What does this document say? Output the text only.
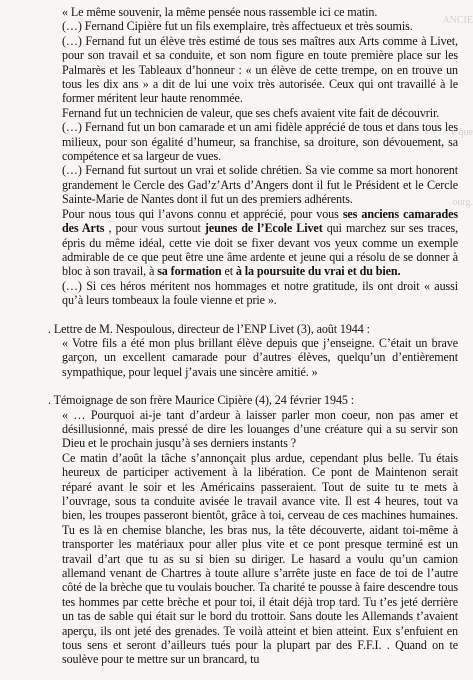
ANCIE
e que
ourg.

« Le même souvenir, la même pensée nous rassemble ici ce matin.

(…) Fernand Cipière fut un fils exemplaire, très affectueux et très soumis.

(…) Fernand fut un élève très estimé de tous ses maîtres aux Arts comme à Livet, pour son travail et sa conduite, et son nom figure en toute première place sur les Palmarès et les Tableaux d’honneur : « un élève de cette trempe, on en trouve un tous les dix ans » a dit de lui une voix très autorisée. Ceux qui ont travaillé à le former méritent leur haute renommée.

Fernand fut un technicien de valeur, que ses chefs avaient vite fait de découvrir.

(…) Fernand fut un bon camarade et un ami fidèle apprécié de tous et dans tous les milieux, pour son égalité d’humeur, sa franchise, sa droiture, son dévouement, sa compétence et sa largeur de vues.

(…) Fernand fut surtout un vrai et solide chrétien. Sa vie comme sa mort honorent grandement le Cercle des Gad’z’Arts d’Angers dont il fut le Président et le Cercle Sainte-Marie de Nantes dont il fut un des premiers adhérents.

Pour nous tous qui l’avons connu et apprécié, pour vous ses anciens camarades des Arts , pour vous surtout jeunes de l’Ecole Livet qui marchez sur ses traces, épris du même idéal, cette vie doit se fixer devant vos yeux comme un exemple admirable de ce que peut être une âme ardente et jeune qui a résolu de se donner à bloc à son travail, à sa formation et à la poursuite du vrai et du bien.

(…) Si ces héros méritent nos hommages et notre gratitude, ils ont droit « aussi qu’à leurs tombeaux la foule vienne et prie ».

. Lettre de M. Nespoulous, directeur de l’ENP Livet (3), août 1944 :

« Votre fils a été mon plus brillant élève depuis que j’enseigne. C’était un brave garçon, un excellent camarade pour d’autres élèves, quelqu’un d’entièrement sympathique, pour lequel j’avais une sincère amitié. »

. Témoignage de son frère Maurice Cipière (4), 24 février 1945 :

« … Pourquoi ai-je tant d’ardeur à laisser parler mon coeur, non pas amer et désillusionné, mais pressé de dire les louanges d’une créature qui a su servir son Dieu et le prochain jusqu’à ses derniers instants ?

Ce matin d’août la tâche s’annonçait plus ardue, cependant plus belle. Tu étais heureux de participer activement à la libération. Ce pont de Maintenon serait réparé avant le soir et les Américains passeraient. Tout de suite tu te mets à l’ouvrage, sous ta conduite avisée le travail avance vite. Il est 4 heures, tout va bien, les troupes passeront bientôt, grâce à toi, cerveau de ces machines humaines. Tu es là en chemise blanche, les bras nus, la tête découverte, aidant toi-même à transporter les matériaux pour aller plus vite et ce pont presque terminé est un travail d’art que tu as su si bien su diriger. Le hasard a voulu qu’un camion allemand venant de Chartres à toute allure s’arrête juste en face de toi de l’autre côté de la brèche que tu voulais boucher. Ta charité te pousse à faire descendre tous tes hommes par cette brèche et pour toi, il était déjà trop tard. Tu t’es jeté derrière un tas de sable qui était sur le bord du trottoir. Sans doute les Allemands t’avaient aperçu, ils ont jeté des grenades. Te voilà atteint et bien atteint. Eux s’enfuient en tous sens et seront d’ailleurs tués pour la plupart par des F.F.I. . Quand on te soulève pour te mettre sur un brancard, tu
